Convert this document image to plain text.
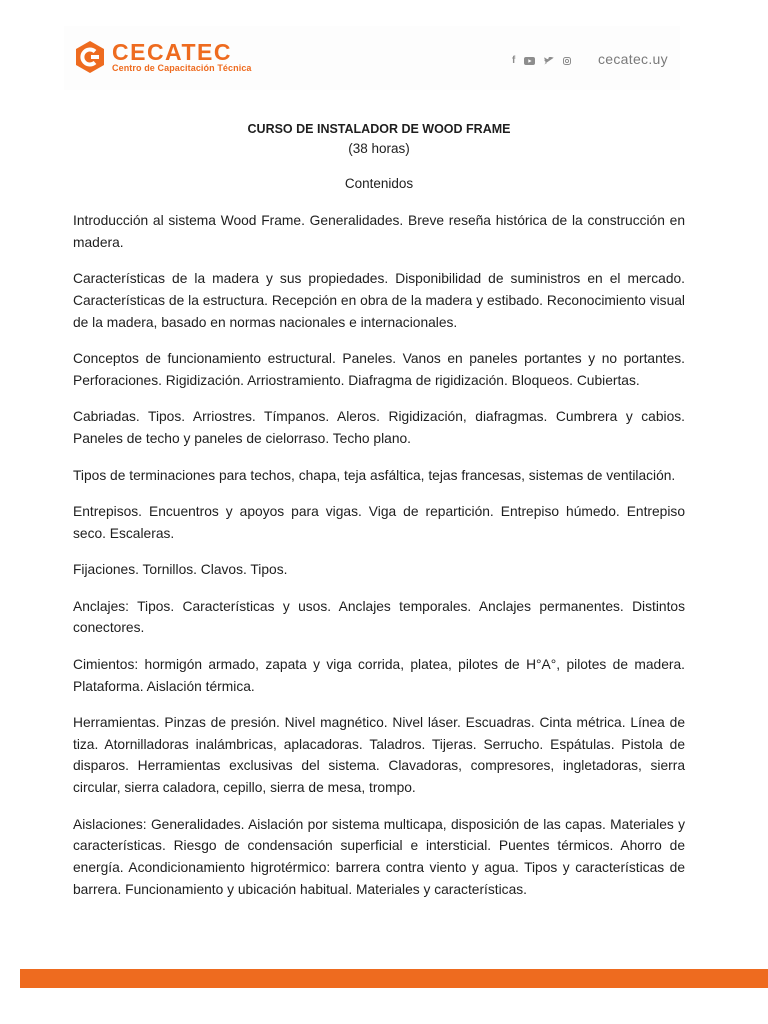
CECATEC
Centro de Capacitación Técnica
f	cecatec.uy

CURSO DE INSTALADOR DE WOOD FRAME

(38 horas)

Contenidos

Introducción al sistema Wood Frame. Generalidades. Breve reseña histórica de la construcción en madera.

Características de la madera y sus propiedades. Disponibilidad de suministros en el mercado. Características de la estructura. Recepción en obra de la madera y estibado. Reconocimiento visual de la madera, basado en normas nacionales e internacionales.

Conceptos de funcionamiento estructural. Paneles. Vanos en paneles portantes y no portantes. Perforaciones. Rigidización. Arriostramiento. Diafragma de rigidización. Bloqueos. Cubiertas.

Cabriadas. Tipos. Arriostres. Tímpanos. Aleros. Rigidización, diafragmas. Cumbrera y cabios. Paneles de techo y paneles de cielorraso. Techo plano.

Tipos de terminaciones para techos, chapa, teja asfáltica, tejas francesas, sistemas de ventilación.

Entrepisos. Encuentros y apoyos para vigas. Viga de repartición. Entrepiso húmedo. Entrepiso seco. Escaleras.

Fijaciones. Tornillos. Clavos. Tipos.

Anclajes: Tipos. Características y usos. Anclajes temporales. Anclajes permanentes. Distintos conectores.

Cimientos: hormigón armado, zapata y viga corrida, platea, pilotes de H°A°, pilotes de madera. Plataforma. Aislación térmica.

Herramientas. Pinzas de presión. Nivel magnético. Nivel láser. Escuadras. Cinta métrica. Línea de tiza. Atornilladoras inalámbricas, aplacadoras. Taladros. Tijeras. Serrucho. Espátulas. Pistola de disparos. Herramientas exclusivas del sistema. Clavadoras, compresores, ingletadoras, sierra circular, sierra caladora, cepillo, sierra de mesa, trompo.

Aislaciones: Generalidades. Aislación por sistema multicapa, disposición de las capas. Materiales y características. Riesgo de condensación superficial e intersticial. Puentes térmicos. Ahorro de energía. Acondicionamiento higrotérmico: barrera contra viento y agua. Tipos y características de barrera. Funcionamiento y ubicación habitual. Materiales y características.
